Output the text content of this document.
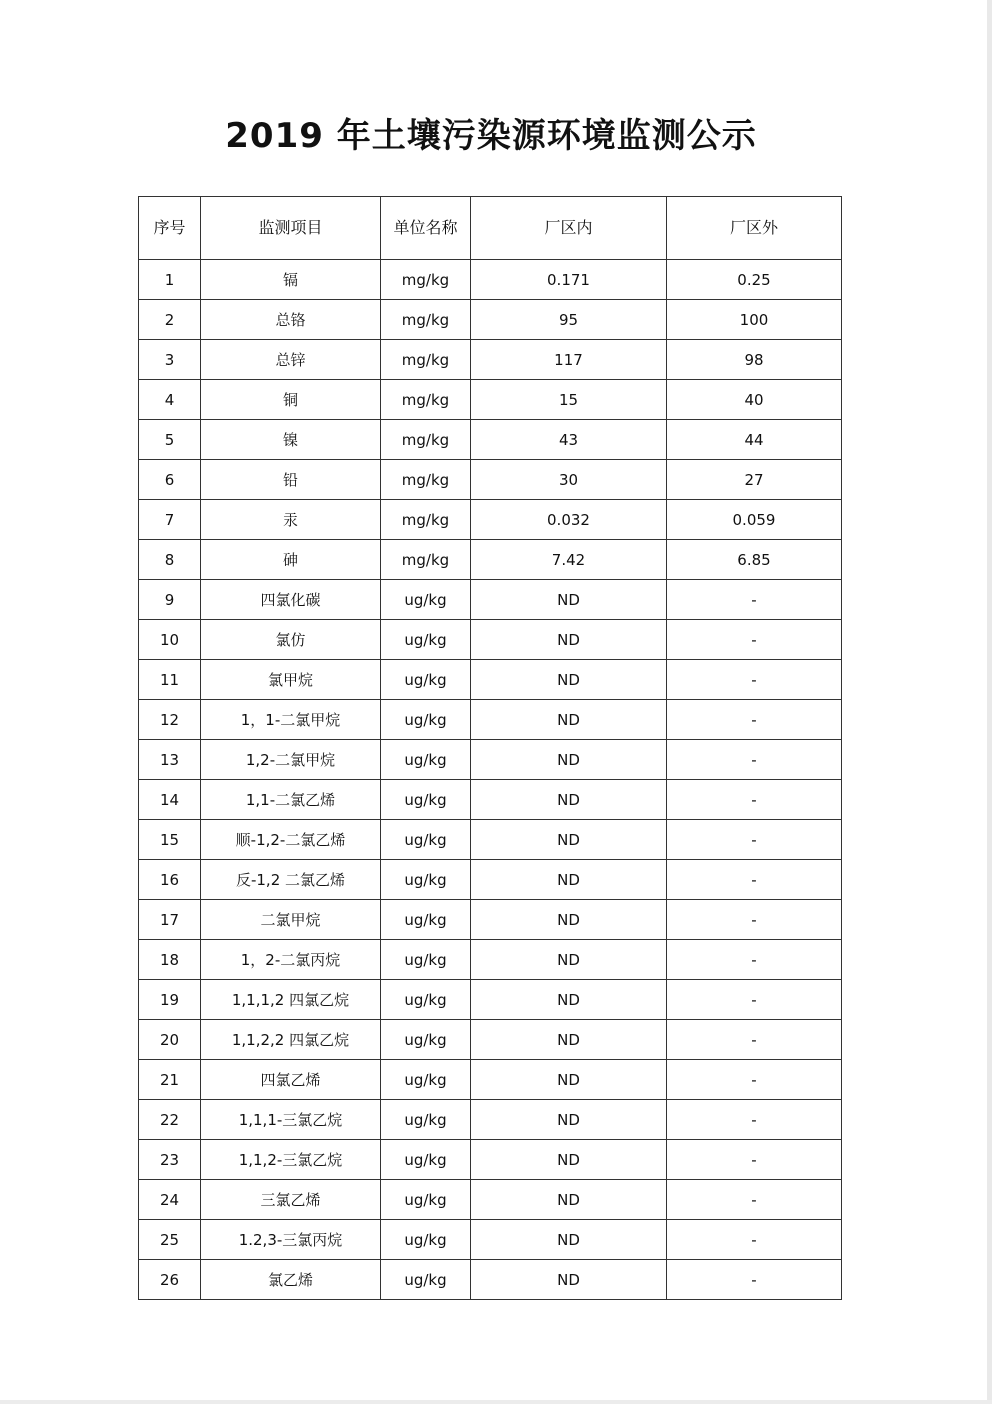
2019 年土壤污染源环境监测公示
序号	监测项目	单位名称	厂区内	厂区外
1	镉	mg/kg	0.171	0.25
2	总铬	mg/kg	95	100
3	总锌	mg/kg	117	98
4	铜	mg/kg	15	40
5	镍	mg/kg	43	44
6	铅	mg/kg	30	27
7	汞	mg/kg	0.032	0.059
8	砷	mg/kg	7.42	6.85
9	四氯化碳	ug/kg	ND	-
10	氯仿	ug/kg	ND	-
11	氯甲烷	ug/kg	ND	-
12	1，1-二氯甲烷	ug/kg	ND	-
13	1,2-二氯甲烷	ug/kg	ND	-
14	1,1-二氯乙烯	ug/kg	ND	-
15	顺-1,2-二氯乙烯	ug/kg	ND	-
16	反-1,2 二氯乙烯	ug/kg	ND	-
17	二氯甲烷	ug/kg	ND	-
18	1，2-二氯丙烷	ug/kg	ND	-
19	1,1,1,2 四氯乙烷	ug/kg	ND	-
20	1,1,2,2 四氯乙烷	ug/kg	ND	-
21	四氯乙烯	ug/kg	ND	-
22	1,1,1-三氯乙烷	ug/kg	ND	-
23	1,1,2-三氯乙烷	ug/kg	ND	-
24	三氯乙烯	ug/kg	ND	-
25	1.2,3-三氯丙烷	ug/kg	ND	-
26	氯乙烯	ug/kg	ND	-
